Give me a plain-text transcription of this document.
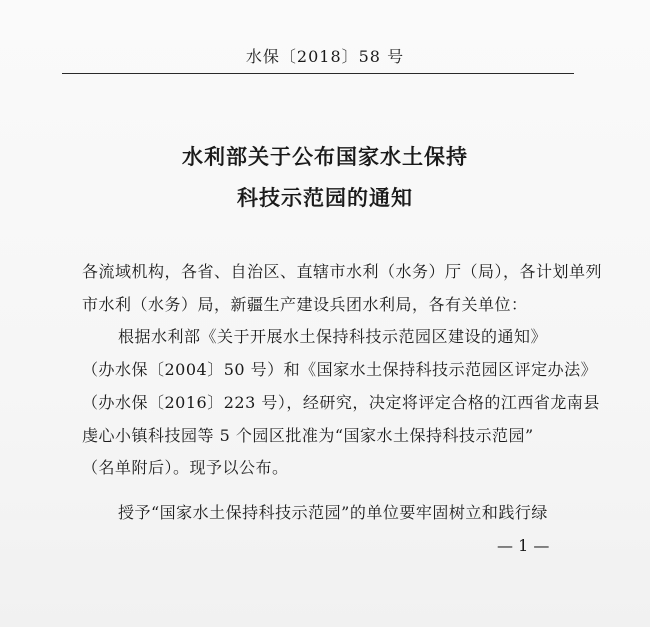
水保〔2018〕58 号
水利部关于公布国家水土保持
科技示范园的通知
各流域机构，各省、自治区、直辖市水利（水务）厅（局），各计划单列
市水利（水务）局，新疆生产建设兵团水利局，各有关单位：
根据水利部《关于开展水土保持科技示范园区建设的通知》
（办水保〔2004〕50 号）和《国家水土保持科技示范园区评定办法》
（办水保〔2016〕223 号），经研究，决定将评定合格的江西省龙南县
虔心小镇科技园等 5 个园区批准为“国家水土保持科技示范园”
（名单附后）。现予以公布。
授予“国家水土保持科技示范园”的单位要牢固树立和践行绿
— 1 —
